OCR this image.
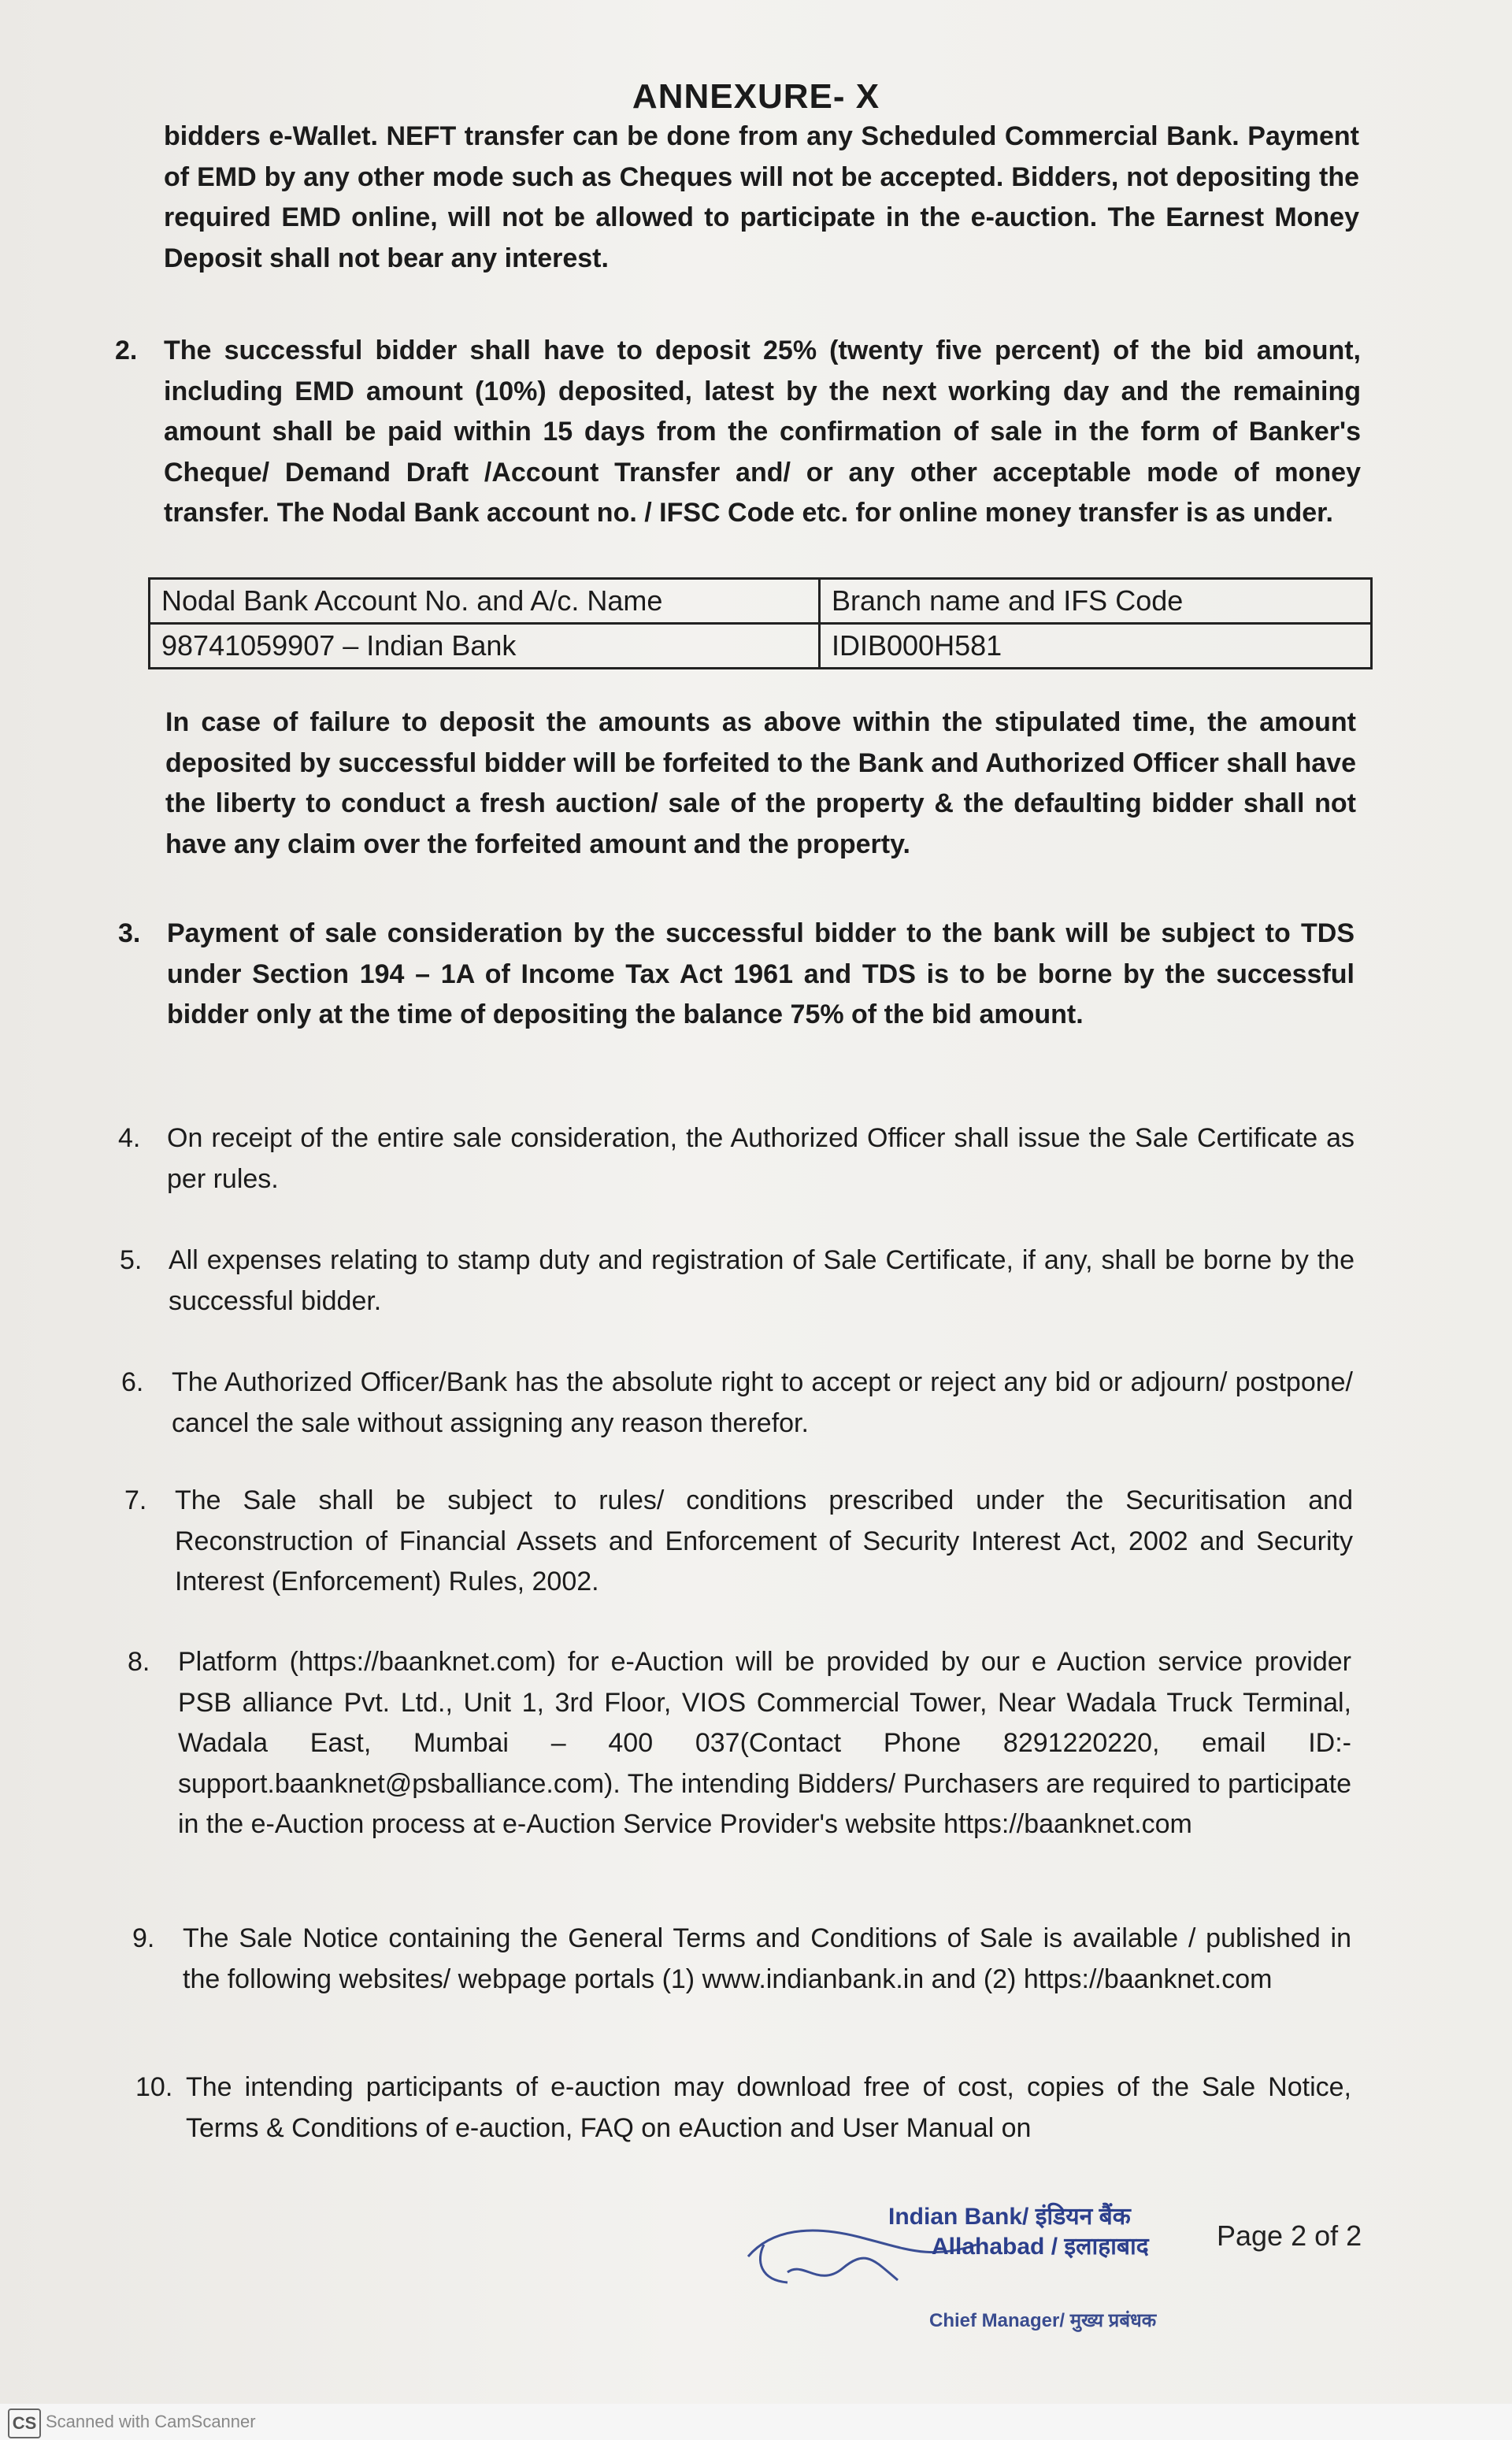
ANNEXURE- X
bidders e-Wallet. NEFT transfer can be done from any Scheduled Commercial Bank. Payment of EMD by any other mode such as Cheques will not be accepted. Bidders, not depositing the required EMD online, will not be allowed to participate in the e-auction. The Earnest Money Deposit shall not bear any interest.
2. The successful bidder shall have to deposit 25% (twenty five percent) of the bid amount, including EMD amount (10%) deposited, latest by the next working day and the remaining amount shall be paid within 15 days from the confirmation of sale in the form of Banker's Cheque/ Demand Draft /Account Transfer and/ or any other acceptable mode of money transfer. The Nodal Bank account no. / IFSC Code etc. for online money transfer is as under.
Nodal Bank Account No. and A/c. Name	Branch name and IFS Code
98741059907 – Indian Bank	IDIB000H581
In case of failure to deposit the amounts as above within the stipulated time, the amount deposited by successful bidder will be forfeited to the Bank and Authorized Officer shall have the liberty to conduct a fresh auction/ sale of the property & the defaulting bidder shall not have any claim over the forfeited amount and the property.
3. Payment of sale consideration by the successful bidder to the bank will be subject to TDS under Section 194 – 1A of Income Tax Act 1961 and TDS is to be borne by the successful bidder only at the time of depositing the balance 75% of the bid amount.
4. On receipt of the entire sale consideration, the Authorized Officer shall issue the Sale Certificate as per rules.
5. All expenses relating to stamp duty and registration of Sale Certificate, if any, shall be borne by the successful bidder.
6. The Authorized Officer/Bank has the absolute right to accept or reject any bid or adjourn/ postpone/ cancel the sale without assigning any reason therefor.
7. The Sale shall be subject to rules/ conditions prescribed under the Securitisation and Reconstruction of Financial Assets and Enforcement of Security Interest Act, 2002 and Security Interest (Enforcement) Rules, 2002.
8. Platform (https://baanknet.com) for e-Auction will be provided by our e Auction service provider PSB alliance Pvt. Ltd., Unit 1, 3rd Floor, VIOS Commercial Tower, Near Wadala Truck Terminal, Wadala East, Mumbai – 400 037(Contact Phone 8291220220, email ID:- support.baanknet@psballiance.com). The intending Bidders/ Purchasers are required to participate in the e-Auction process at e-Auction Service Provider's website https://baanknet.com
9. The Sale Notice containing the General Terms and Conditions of Sale is available / published in the following websites/ webpage portals (1) www.indianbank.in and (2) https://baanknet.com
10. The intending participants of e-auction may download free of cost, copies of the Sale Notice, Terms & Conditions of e-auction, FAQ on eAuction and User Manual on
Indian Bank/ इंडियन बैंक
Allahabad / इलाहाबाद Page 2 of 2
Chief Manager/ मुख्य प्रबंधक
CS Scanned with CamScanner
